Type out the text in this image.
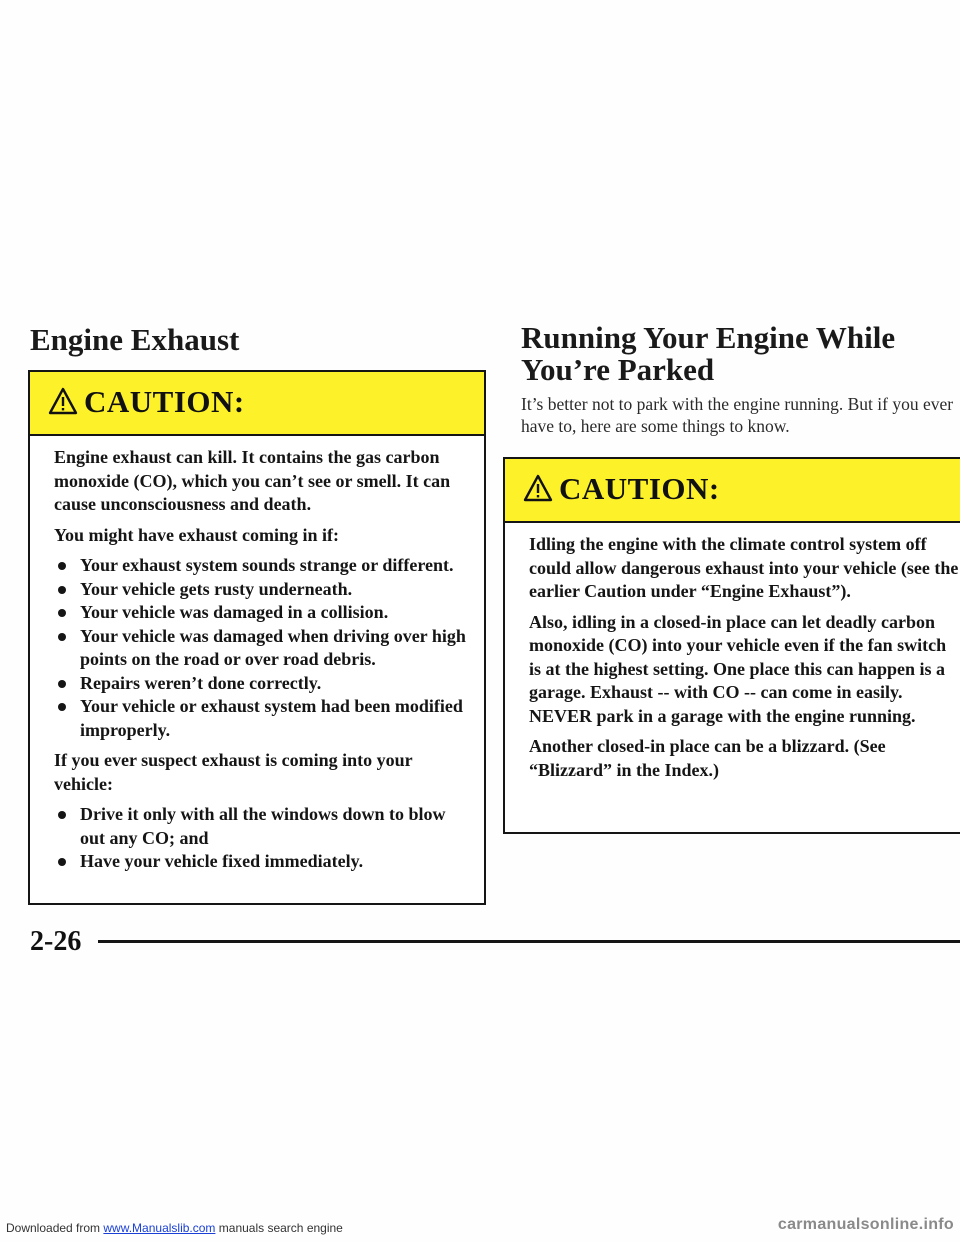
Engine Exhaust
CAUTION:

Engine exhaust can kill. It contains the gas carbon monoxide (CO), which you can’t see or smell. It can cause unconsciousness and death.

You might have exhaust coming in if:

Your exhaust system sounds strange or different.
Your vehicle gets rusty underneath.
Your vehicle was damaged in a collision.
Your vehicle was damaged when driving over high points on the road or over road debris.
Repairs weren’t done correctly.
Your vehicle or exhaust system had been modified improperly.

If you ever suspect exhaust is coming into your vehicle:

Drive it only with all the windows down to blow out any CO; and
Have your vehicle fixed immediately.
Running Your Engine While You’re Parked

It’s better not to park with the engine running. But if you ever have to, here are some things to know.

CAUTION:

Idling the engine with the climate control system off could allow dangerous exhaust into your vehicle (see the earlier Caution under “Engine Exhaust”).

Also, idling in a closed-in place can let deadly carbon monoxide (CO) into your vehicle even if the fan switch is at the highest setting. One place this can happen is a garage. Exhaust -- with CO -- can come in easily. NEVER park in a garage with the engine running.

Another closed-in place can be a blizzard. (See “Blizzard” in the Index.)

2-26
Downloaded from www.Manualslib.com manuals search engine	carmanualsonline.info
